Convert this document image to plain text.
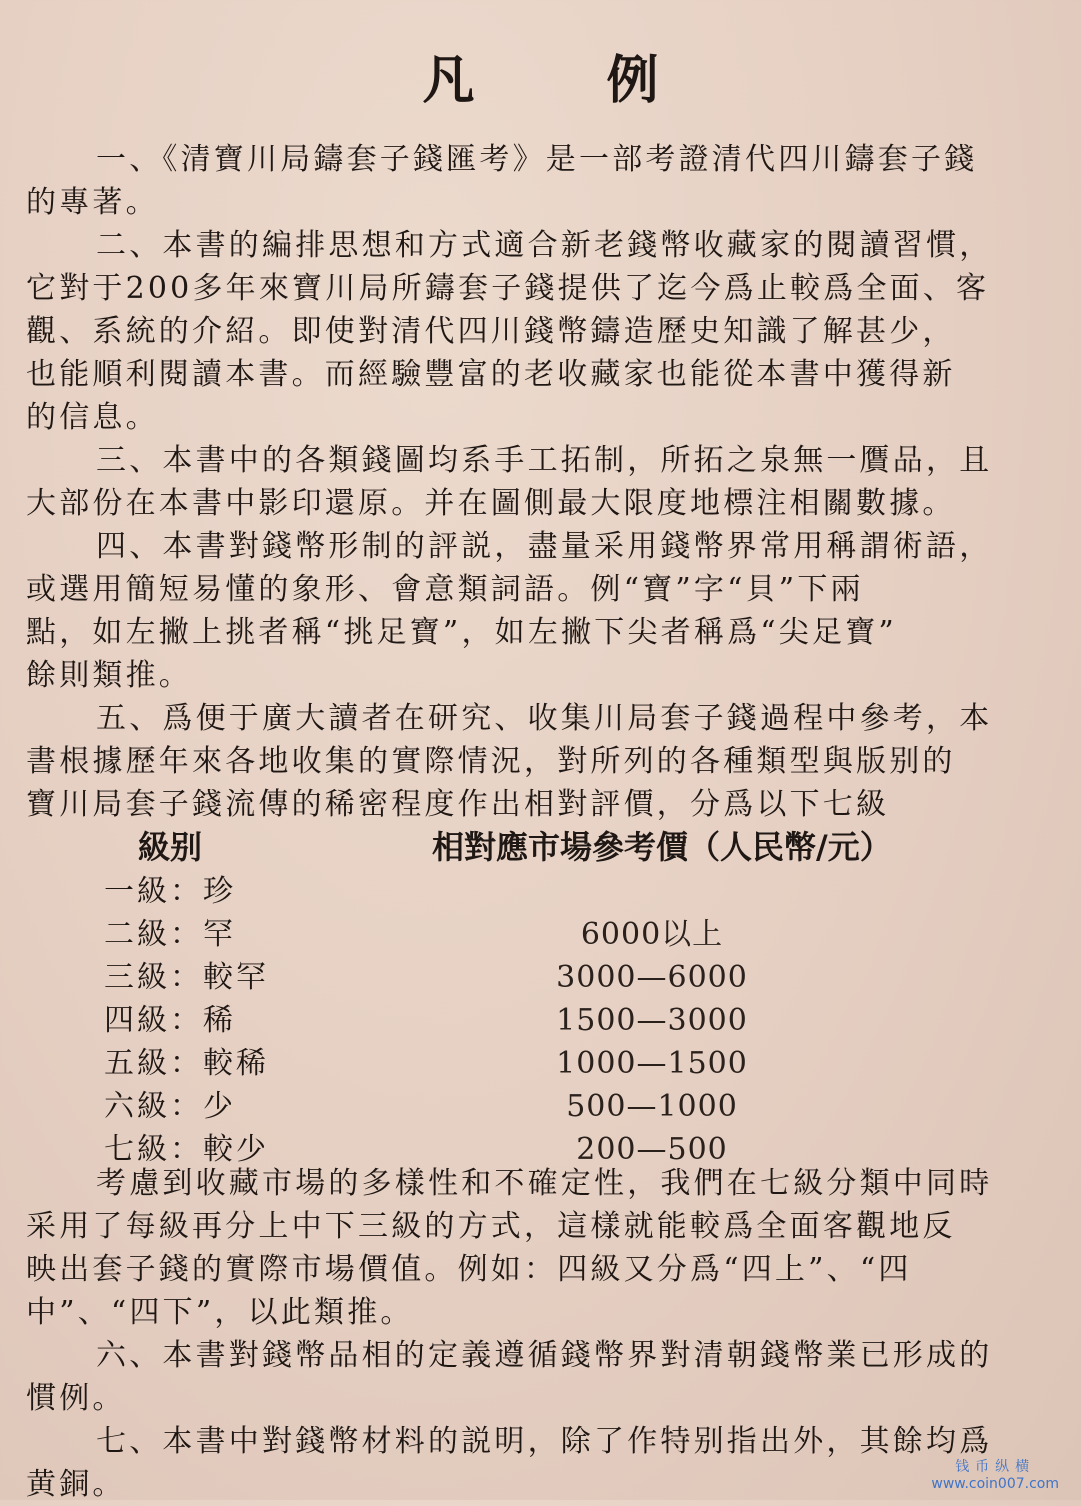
凡　例
一、《清寶川局鑄套子錢匯考》是一部考證清代四川鑄套子錢
的專著。
二、本書的編排思想和方式適合新老錢幣收藏家的閱讀習慣，
它對于200多年來寶川局所鑄套子錢提供了迄今爲止較爲全面、客
觀、系統的介紹。即使對清代四川錢幣鑄造歷史知識了解甚少，
也能順利閱讀本書。而經驗豐富的老收藏家也能從本書中獲得新
的信息。
三、本書中的各類錢圖均系手工拓制，所拓之泉無一贋品，且
大部份在本書中影印還原。并在圖側最大限度地標注相關數據。
四、本書對錢幣形制的評説，盡量采用錢幣界常用稱謂術語，
或選用簡短易懂的象形、會意類詞語。例“寶”字“貝”下兩
點，如左撇上挑者稱“挑足寶”，如左撇下尖者稱爲“尖足寶”
餘則類推。
五、爲便于廣大讀者在研究、收集川局套子錢過程中參考，本
書根據歷年來各地收集的實際情況，對所列的各種類型與版别的
寶川局套子錢流傳的稀密程度作出相對評價，分爲以下七級
級别	相對應市場參考價（人民幣/元）
一級：珍
二級：罕	6000以上
三級：較罕	3000—6000
四級：稀	1500—3000
五級：較稀	1000—1500
六級：少	500—1000
七級：較少	200—500
考慮到收藏市場的多樣性和不確定性，我們在七級分類中同時
采用了每級再分上中下三級的方式，這樣就能較爲全面客觀地反
映出套子錢的實際市場價值。例如：四級又分爲“四上”、“四
中”、“四下”，以此類推。
六、本書對錢幣品相的定義遵循錢幣界對清朝錢幣業已形成的
慣例。
七、本書中對錢幣材料的説明，除了作特别指出外，其餘均爲
黄銅。	钱币纵横
www.coin007.com
